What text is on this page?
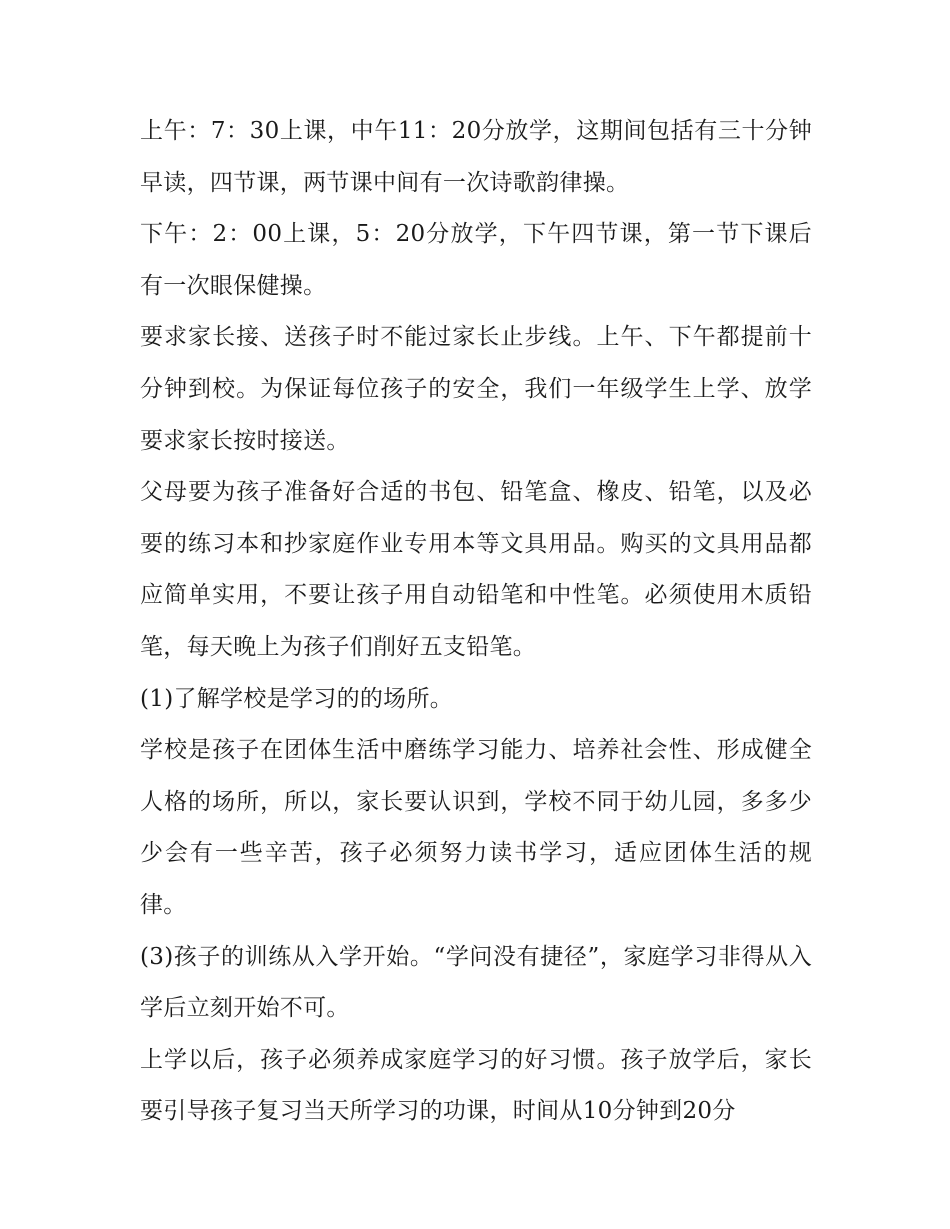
上午：7：30上课，中午11：20分放学，这期间包括有三十分钟早读，四节课，两节课中间有一次诗歌韵律操。

下午：2：00上课，5：20分放学，下午四节课，第一节下课后有一次眼保健操。

要求家长接、送孩子时不能过家长止步线。上午、下午都提前十分钟到校。为保证每位孩子的安全，我们一年级学生上学、放学要求家长按时接送。

父母要为孩子准备好合适的书包、铅笔盒、橡皮、铅笔，以及必要的练习本和抄家庭作业专用本等文具用品。购买的文具用品都应简单实用，不要让孩子用自动铅笔和中性笔。必须使用木质铅笔，每天晚上为孩子们削好五支铅笔。

(1)了解学校是学习的的场所。

学校是孩子在团体生活中磨练学习能力、培养社会性、形成健全人格的场所，所以，家长要认识到，学校不同于幼儿园，多多少少会有一些辛苦，孩子必须努力读书学习，适应团体生活的规律。

(3)孩子的训练从入学开始。“学问没有捷径”，家庭学习非得从入学后立刻开始不可。

上学以后，孩子必须养成家庭学习的好习惯。孩子放学后，家长要引导孩子复习当天所学习的功课，时间从10分钟到20分
